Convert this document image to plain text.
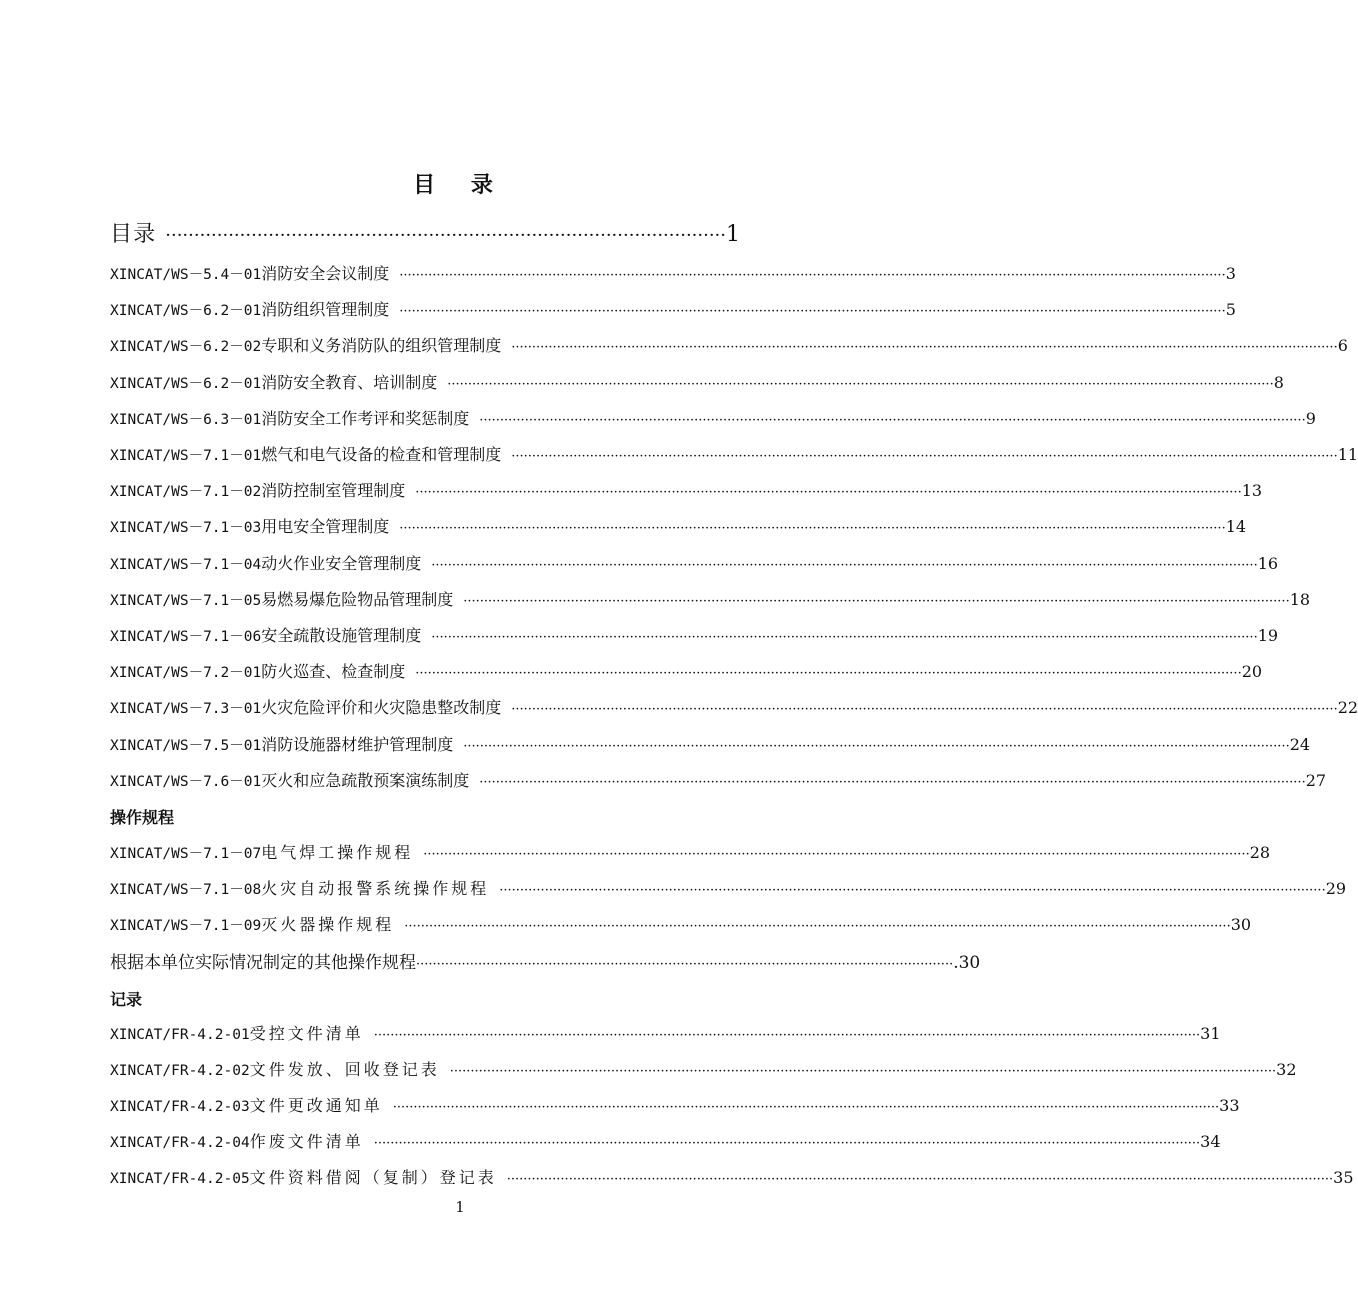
目 录
目 录 ·································································································· 1
XINCAT/WS－5.4－01 消防安全会议制度 ········································································································································································································ 3
XINCAT/WS－6.2－01 消防组织管理制度 ········································································································································································································ 5
XINCAT/WS－6.2－02 专职和义务消防队的组织管理制度 ········································································································································································································ 6
XINCAT/WS－6.2－01 消防安全教育、培训制度 ········································································································································································································ 8
XINCAT/WS－6.3－01 消防安全工作考评和奖惩制度 ········································································································································································································ 9
XINCAT/WS－7.1－01 燃气和电气设备的检查和管理制度 ········································································································································································································ 11
XINCAT/WS－7.1－02 消防控制室管理制度 ········································································································································································································ 13
XINCAT/WS－7.1－03 用电安全管理制度 ········································································································································································································ 14
XINCAT/WS－7.1－04 动火作业安全管理制度 ········································································································································································································ 16
XINCAT/WS－7.1－05 易燃易爆危险物品管理制度 ········································································································································································································ 18
XINCAT/WS－7.1－06 安全疏散设施管理制度 ········································································································································································································ 19
XINCAT/WS－7.2－01 防火巡查、检查制度 ········································································································································································································ 20
XINCAT/WS－7.3－01 火灾危险评价和火灾隐患整改制度 ········································································································································································································ 22
XINCAT/WS－7.5－01 消防设施器材维护管理制度 ········································································································································································································ 24
XINCAT/WS－7.6－01 灭火和应急疏散预案演练制度 ········································································································································································································ 27
操作规程
XINCAT/WS－7.1－07 电气焊工操作规程 ········································································································································································································ 28
XINCAT/WS－7.1－08 火灾自动报警系统操作规程 ········································································································································································································ 29
XINCAT/WS－7.1－09 灭火器操作规程 ········································································································································································································ 30
根据本单位实际情况制定的其他操作规程 ·································································································································· .30
记录
XINCAT/FR-4.2-01 受控文件清单 ········································································································································································································ 31
XINCAT/FR-4.2-02 文件发放、回收登记表 ········································································································································································································ 32
XINCAT/FR-4.2-03 文件更改通知单 ········································································································································································································ 33
XINCAT/FR-4.2-04 作废文件清单 ········································································································································································································ 34
XINCAT/FR-4.2-05 文件资料借阅（复制）登记表 ········································································································································································································ 35
1
